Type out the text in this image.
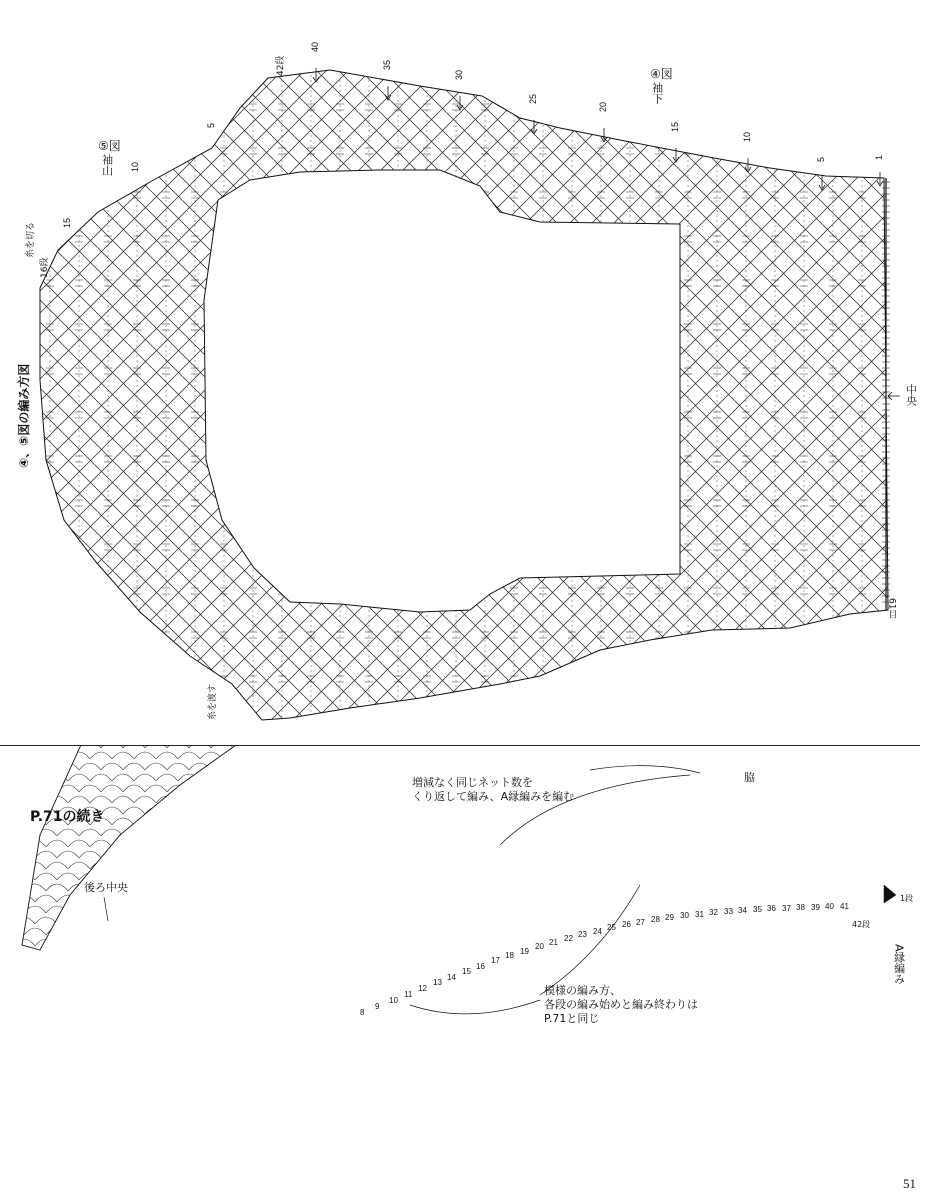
④、⑤図の編み方図
⑤図
袖山
④図
袖下
糸を切る
糸を渡す
中央
61目
16段
42段
1
5
10
15
20
25
30
35
40
5
10
15
P.71の続き
増減なく同じネット数を
くり返して編み、A縁編みを編む
脇
後ろ中央
模様の編み方、
各段の編み始めと編み終わりは
P.71と同じ
A縁編み
1段
42段
8
9
10
11
12
13
14
15
16
17
18 19
20 21 22 23 24 25 26 27 28 29 30 31 32 33 34 35 36 37 38 39 40 41
51
